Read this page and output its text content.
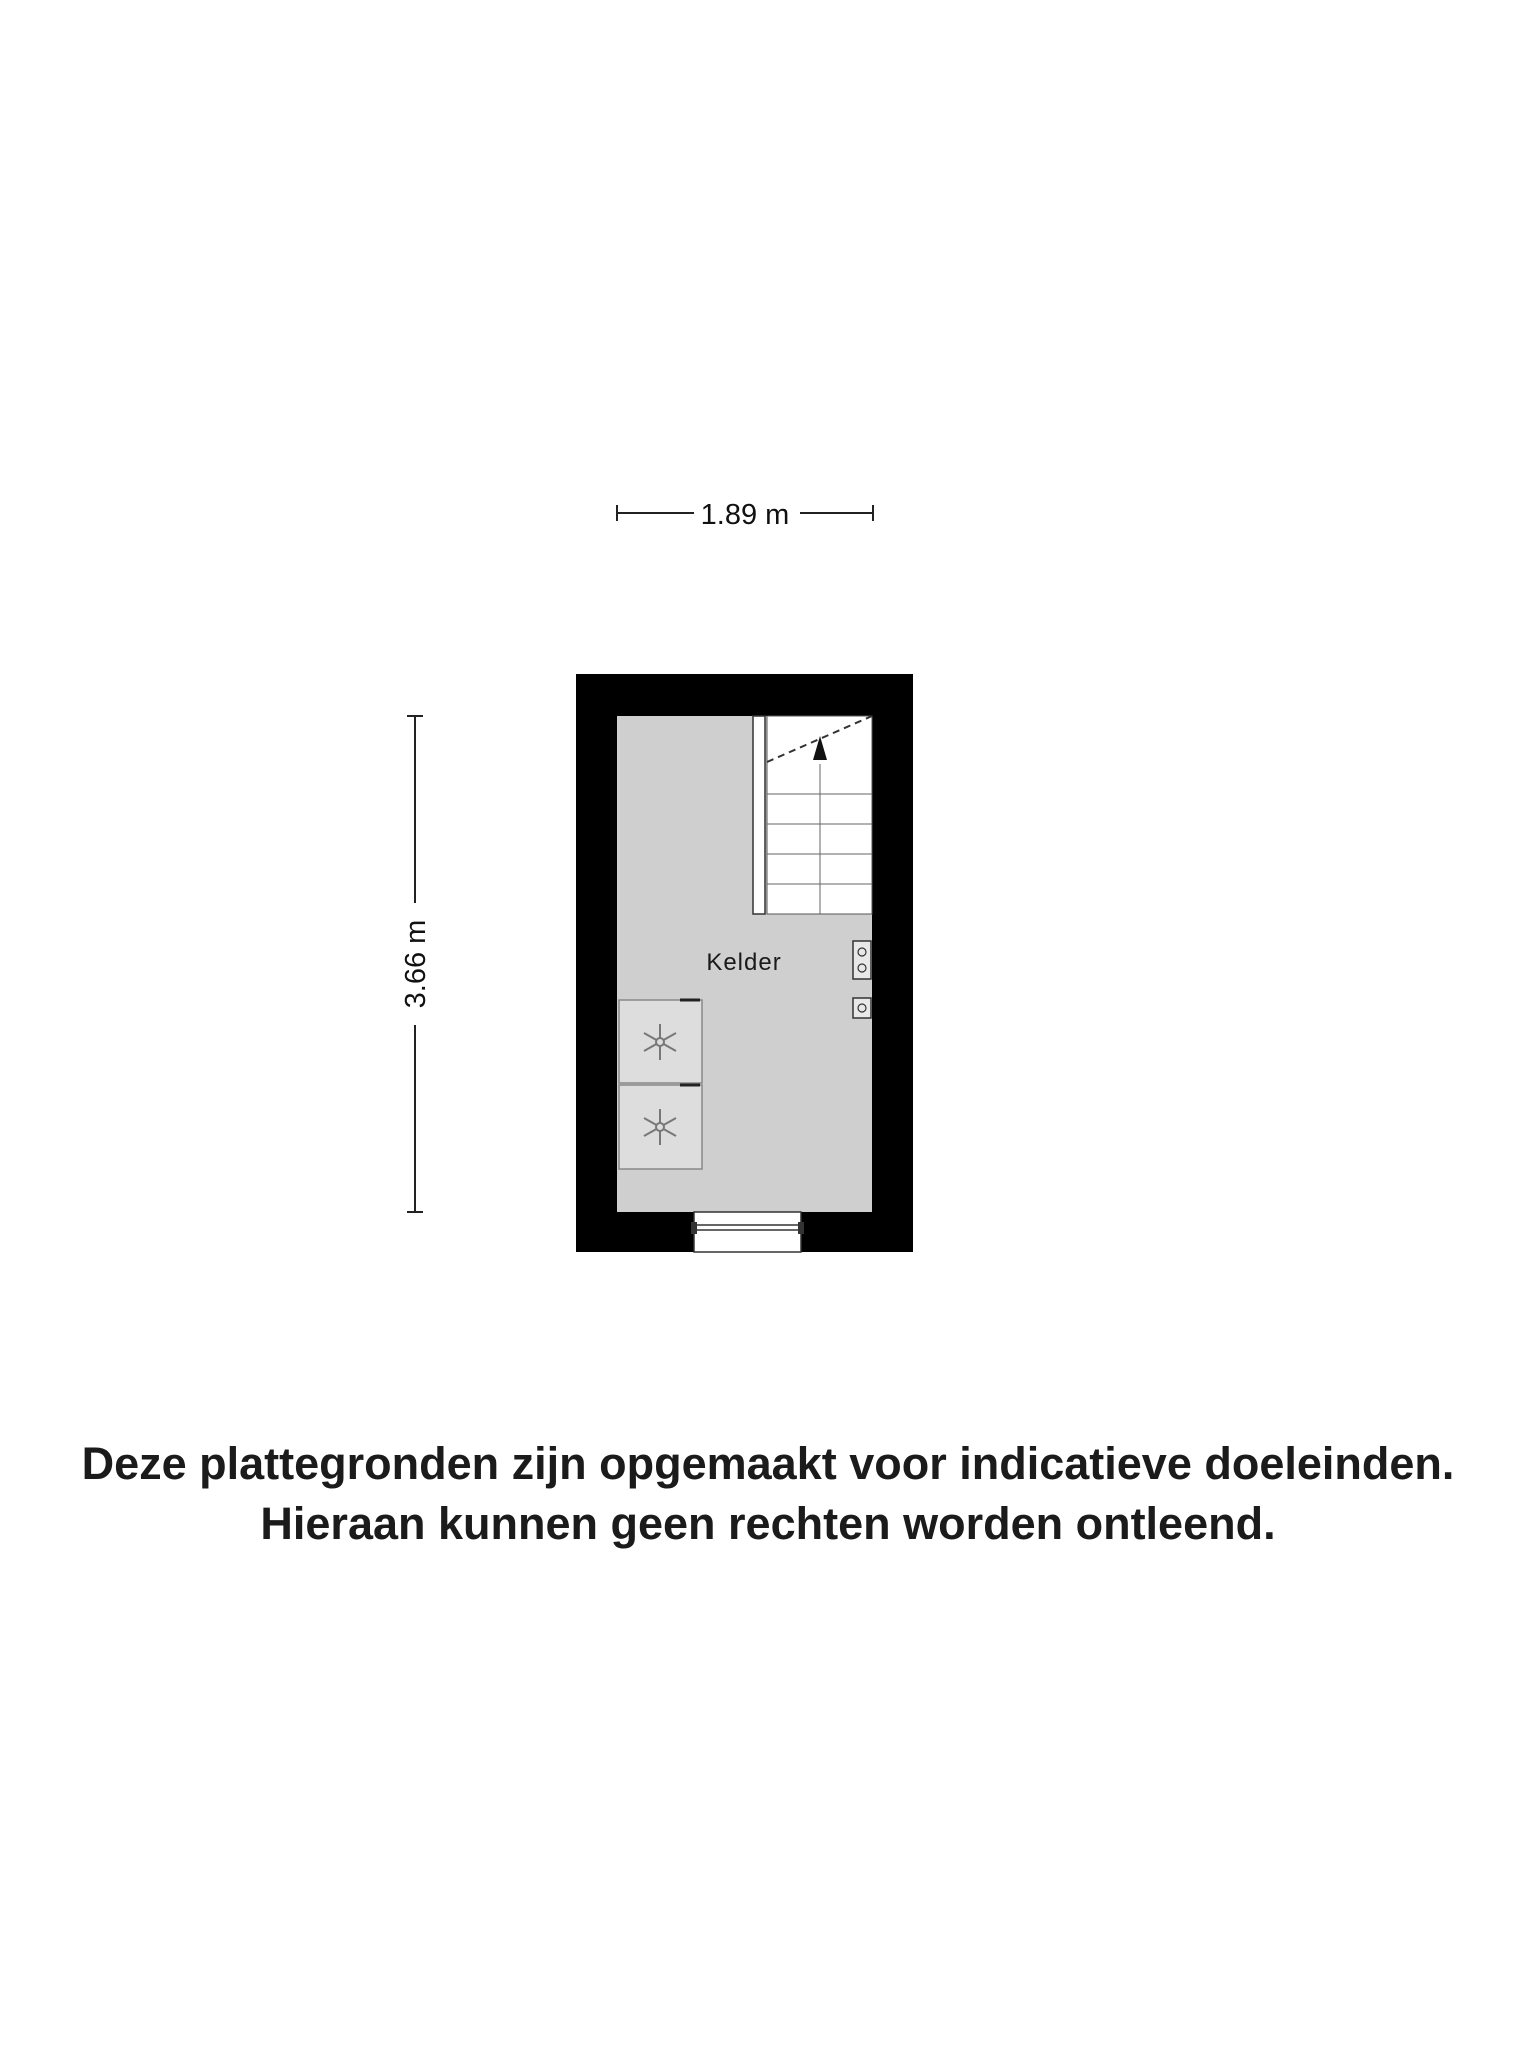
1.89 m
3.66 m	Kelder
Deze plattegronden zijn opgemaakt voor indicatieve doeleinden.
Hieraan kunnen geen rechten worden ontleend.
